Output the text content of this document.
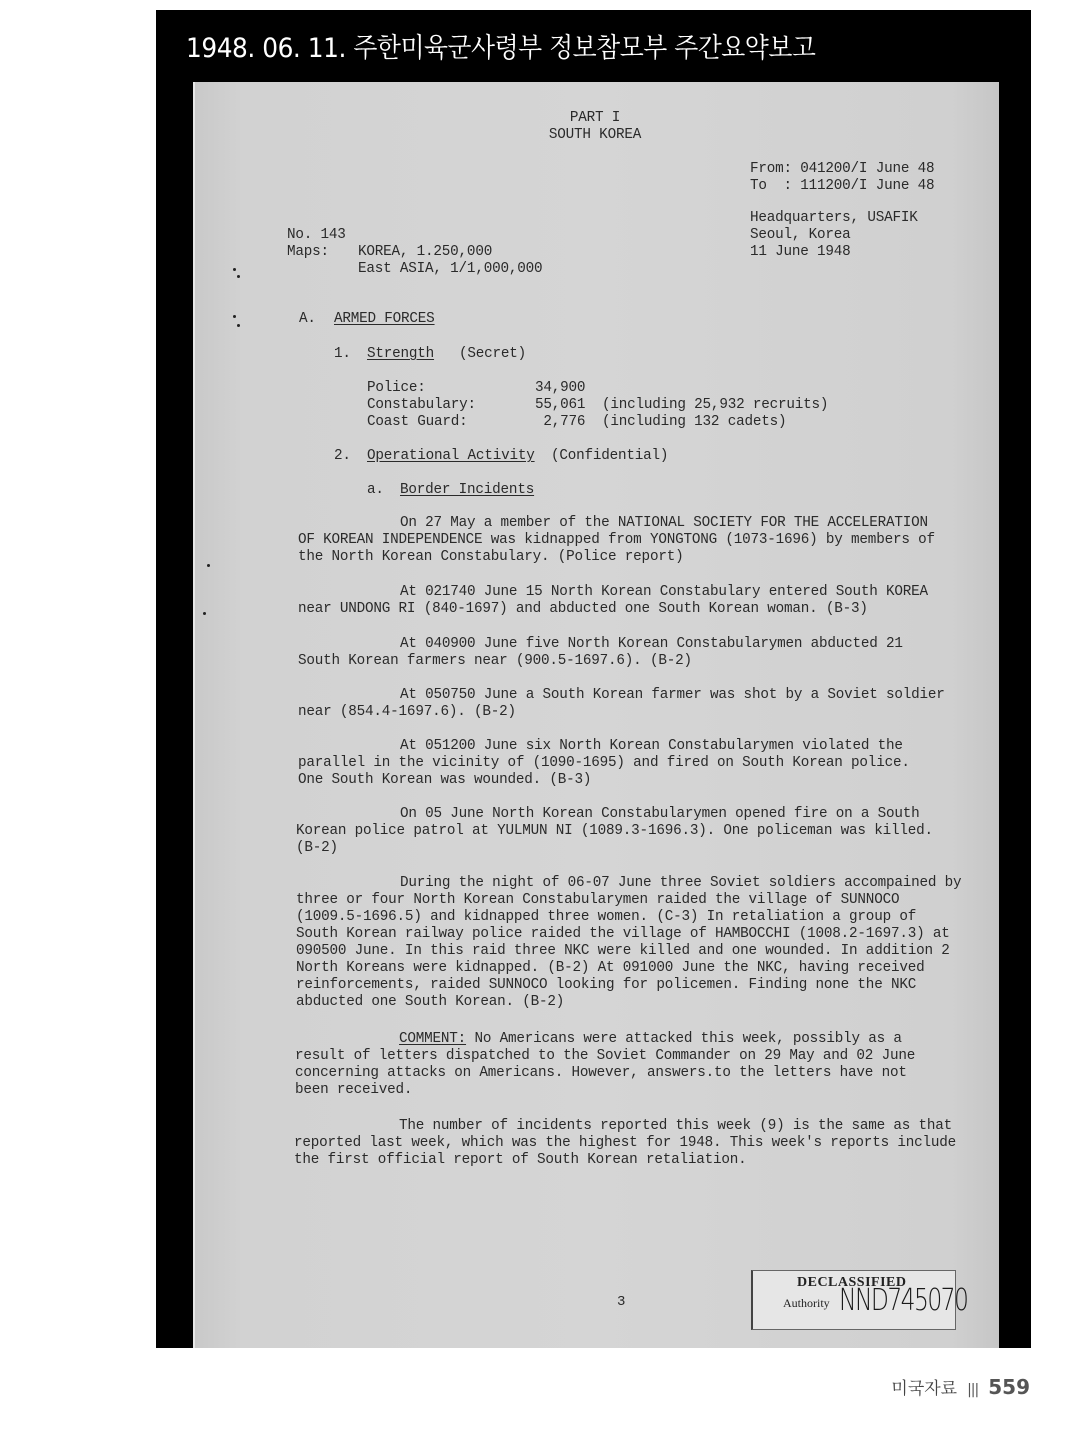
1948. 06. 11. 주한미육군사령부 정보참모부 주간요약보고
PART I
SOUTH KOREA
From: 041200/I June 48
To  : 111200/I June 48
Headquarters, USAFIK
Seoul, Korea
11 June 1948
No. 143
Maps: KOREA, 1.250,000
East ASIA, 1/1,000,000
A. ARMED FORCES
1. Strength (Secret)
Police:	34,900
Constabulary:	55,061 (including 25,932 recruits)
Coast Guard:	2,776 (including 132 cadets)
2. Operational Activity (Confidential)
a. Border Incidents
On 27 May a member of the NATIONAL SOCIETY FOR THE ACCELERATION OF KOREAN INDEPENDENCE was kidnapped from YONGTONG (1073-1696) by members of the North Korean Constabulary. (Police report)
At 021740 June 15 North Korean Constabulary entered South KOREA near UNDONG RI (840-1697) and abducted one South Korean woman. (B-3)
At 040900 June five North Korean Constabularymen abducted 21 South Korean farmers near (900.5-1697.6). (B-2)
At 050750 June a South Korean farmer was shot by a Soviet soldier near (854.4-1697.6). (B-2)
At 051200 June six North Korean Constabularymen violated the parallel in the vicinity of (1090-1695) and fired on South Korean police. One South Korean was wounded. (B-3)
On 05 June North Korean Constabularymen opened fire on a South Korean police patrol at YULMUN NI (1089.3-1696.3). One policeman was killed. (B-2)
During the night of 06-07 June three Soviet soldiers accompained by three or four North Korean Constabularymen raided the village of SUNNOCO (1009.5-1696.5) and kidnapped three women. (C-3) In retaliation a group of South Korean railway police raided the village of HAMBOCCHI (1008.2-1697.3) at 090500 June. In this raid three NKC were killed and one wounded. In addition 2 North Koreans were kidnapped. (B-2) At 091000 June the NKC, having received reinforcements, raided SUNNOCO looking for policemen. Finding none the NKC abducted one South Korean. (B-2)
COMMENT: No Americans were attacked this week, possibly as a result of letters dispatched to the Soviet Commander on 29 May and 02 June concerning attacks on Americans. However, answers.to the letters have not been received.
The number of incidents reported this week (9) is the same as that reported last week, which was the highest for 1948. This week's reports include the first official report of South Korean retaliation.
3
DECLASSIFIED
Authority NND745070
미국자료 ||| 559
